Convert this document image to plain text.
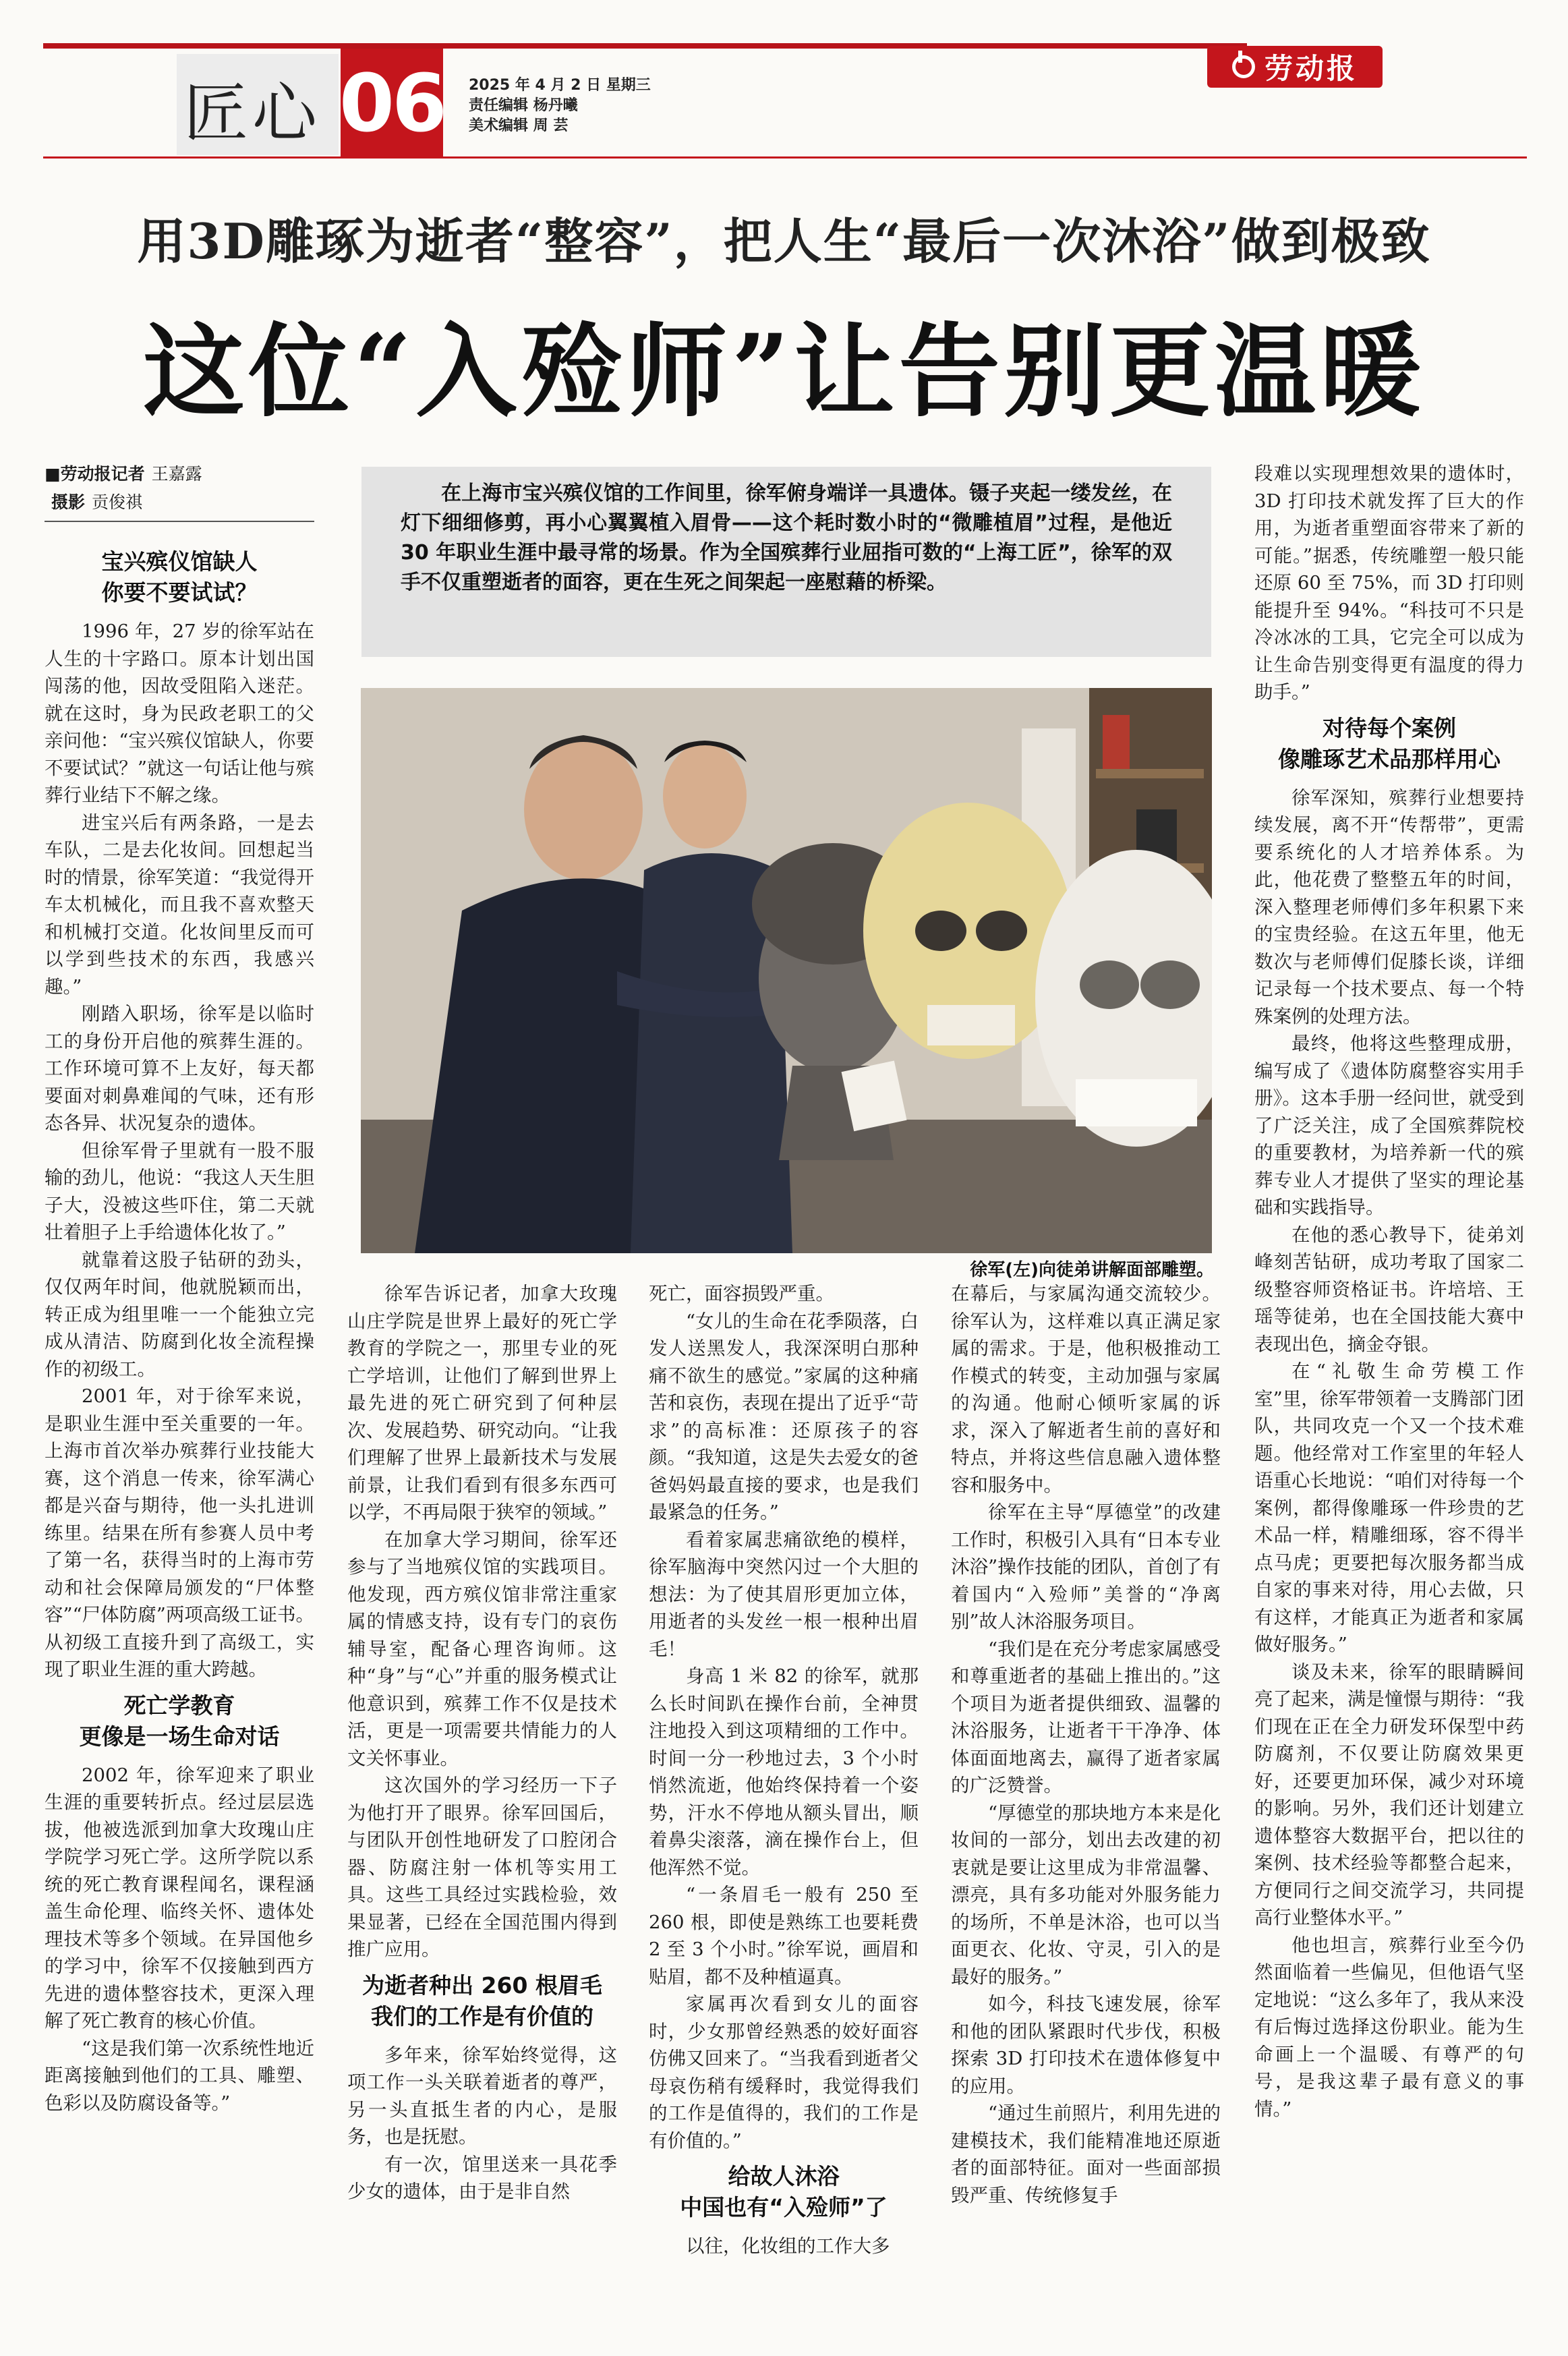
匠心 06 2025 年 4 月 2 日 星期三
责任编辑 杨丹曦
美术编辑 周 芸
劳动报
用3D雕琢为逝者“整容”，把人生“最后一次沐浴”做到极致
这位“入殓师”让告别更温暖
■劳动报记者 王嘉露
摄影 贡俊祺	在上海市宝兴殡仪馆的工作间里，徐军俯身端详一具遗体。镊子夹起一缕发丝，在灯下细细修剪，再小心翼翼植入眉骨——这个耗时数小时的“微雕植眉”过程，是他近 30 年职业生涯中最寻常的场景。作为全国殡葬行业屈指可数的“上海工匠”，徐军的双手不仅重塑逝者的面容，更在生死之间架起一座慰藉的桥梁。

徐军(左)向徒弟讲解面部雕塑。
宝兴殡仪馆缺人
你要不要试试？

1996 年，27 岁的徐军站在人生的十字路口。原本计划出国闯荡的他，因故受阻陷入迷茫。就在这时，身为民政老职工的父亲问他：“宝兴殡仪馆缺人，你要不要试试？”就这一句话让他与殡葬行业结下不解之缘。

进宝兴后有两条路，一是去车队，二是去化妆间。回想起当时的情景，徐军笑道：“我觉得开车太机械化，而且我不喜欢整天和机械打交道。化妆间里反而可以学到些技术的东西，我感兴趣。”

刚踏入职场，徐军是以临时工的身份开启他的殡葬生涯的。工作环境可算不上友好，每天都要面对刺鼻难闻的气味，还有形态各异、状况复杂的遗体。

但徐军骨子里就有一股不服输的劲儿，他说：“我这人天生胆子大，没被这些吓住，第二天就壮着胆子上手给遗体化妆了。”

就靠着这股子钻研的劲头，仅仅两年时间，他就脱颖而出，转正成为组里唯一一个能独立完成从清洁、防腐到化妆全流程操作的初级工。

2001 年，对于徐军来说，是职业生涯中至关重要的一年。上海市首次举办殡葬行业技能大赛，这个消息一传来，徐军满心都是兴奋与期待，他一头扎进训练里。结果在所有参赛人员中考了第一名，获得当时的上海市劳动和社会保障局颁发的“尸体整容”“尸体防腐”两项高级工证书。从初级工直接升到了高级工，实现了职业生涯的重大跨越。

死亡学教育
更像是一场生命对话

2002 年，徐军迎来了职业生涯的重要转折点。经过层层选拔，他被选派到加拿大玫瑰山庄学院学习死亡学。这所学院以系统的死亡教育课程闻名，课程涵盖生命伦理、临终关怀、遗体处理技术等多个领域。在异国他乡的学习中，徐军不仅接触到西方先进的遗体整容技术，更深入理解了死亡教育的核心价值。

“这是我们第一次系统性地近距离接触到他们的工具、雕塑、色彩以及防腐设备等。”

徐军告诉记者，加拿大玫瑰山庄学院是世界上最好的死亡学教育的学院之一，那里专业的死亡学培训，让他们了解到世界上最先进的死亡研究到了何种层次、发展趋势、研究动向。“让我们理解了世界上最新技术与发展前景，让我们看到有很多东西可以学，不再局限于狭窄的领域。”

在加拿大学习期间，徐军还参与了当地殡仪馆的实践项目。他发现，西方殡仪馆非常注重家属的情感支持，设有专门的哀伤辅导室，配备心理咨询师。这种“身”与“心”并重的服务模式让他意识到，殡葬工作不仅是技术活，更是一项需要共情能力的人文关怀事业。

这次国外的学习经历一下子为他打开了眼界。徐军回国后，与团队开创性地研发了口腔闭合器、防腐注射一体机等实用工具。这些工具经过实践检验，效果显著，已经在全国范围内得到推广应用。

为逝者种出 260 根眉毛
我们的工作是有价值的

多年来，徐军始终觉得，这项工作一头关联着逝者的尊严，另一头直抵生者的内心，是服务，也是抚慰。

有一次，馆里送来一具花季少女的遗体，由于是非自然

死亡，面容损毁严重。

“女儿的生命在花季陨落，白发人送黑发人，我深深明白那种痛不欲生的感觉。”家属的这种痛苦和哀伤，表现在提出了近乎“苛求”的高标准：还原孩子的容颜。“我知道，这是失去爱女的爸爸妈妈最直接的要求，也是我们最紧急的任务。”

看着家属悲痛欲绝的模样，徐军脑海中突然闪过一个大胆的想法：为了使其眉形更加立体，用逝者的头发丝一根一根种出眉毛！

身高 1 米 82 的徐军，就那么长时间趴在操作台前，全神贯注地投入到这项精细的工作中。时间一分一秒地过去，3 个小时悄然流逝，他始终保持着一个姿势，汗水不停地从额头冒出，顺着鼻尖滚落，滴在操作台上，但他浑然不觉。

“一条眉毛一般有 250 至 260 根，即使是熟练工也要耗费 2 至 3 个小时。”徐军说，画眉和贴眉，都不及种植逼真。

家属再次看到女儿的面容时，少女那曾经熟悉的姣好面容仿佛又回来了。“当我看到逝者父母哀伤稍有缓释时，我觉得我们的工作是值得的，我们的工作是有价值的。”

给故人沐浴
中国也有“入殓师”了

以往，化妆组的工作大多

在幕后，与家属沟通交流较少。徐军认为，这样难以真正满足家属的需求。于是，他积极推动工作模式的转变，主动加强与家属的沟通。他耐心倾听家属的诉求，深入了解逝者生前的喜好和特点，并将这些信息融入遗体整容和服务中。

徐军在主导“厚德堂”的改建工作时，积极引入具有“日本专业沐浴”操作技能的团队，首创了有着国内“入殓师”美誉的“净离别”故人沐浴服务项目。

“我们是在充分考虑家属感受和尊重逝者的基础上推出的。”这个项目为逝者提供细致、温馨的沐浴服务，让逝者干干净净、体体面面地离去，赢得了逝者家属的广泛赞誉。

“厚德堂的那块地方本来是化妆间的一部分，划出去改建的初衷就是要让这里成为非常温馨、漂亮，具有多功能对外服务能力的场所，不单是沐浴，也可以当面更衣、化妆、守灵，引入的是最好的服务。”

如今，科技飞速发展，徐军和他的团队紧跟时代步伐，积极探索 3D 打印技术在遗体修复中的应用。

“通过生前照片，利用先进的建模技术，我们能精准地还原逝者的面部特征。面对一些面部损毁严重、传统修复手

段难以实现理想效果的遗体时，3D 打印技术就发挥了巨大的作用，为逝者重塑面容带来了新的可能。”据悉，传统雕塑一般只能还原 60 至 75%，而 3D 打印则能提升至 94%。“科技可不只是冷冰冰的工具，它完全可以成为让生命告别变得更有温度的得力助手。”

对待每个案例
像雕琢艺术品那样用心

徐军深知，殡葬行业想要持续发展，离不开“传帮带”，更需要系统化的人才培养体系。为此，他花费了整整五年的时间，深入整理老师傅们多年积累下来的宝贵经验。在这五年里，他无数次与老师傅们促膝长谈，详细记录每一个技术要点、每一个特殊案例的处理方法。

最终，他将这些整理成册，编写成了《遗体防腐整容实用手册》。这本手册一经问世，就受到了广泛关注，成了全国殡葬院校的重要教材，为培养新一代的殡葬专业人才提供了坚实的理论基础和实践指导。

在他的悉心教导下，徒弟刘峰刻苦钻研，成功考取了国家二级整容师资格证书。许培培、王瑶等徒弟，也在全国技能大赛中表现出色，摘金夺银。

在“礼敬生命劳模工作室”里，徐军带领着一支腾部门团队，共同攻克一个又一个技术难题。他经常对工作室里的年轻人语重心长地说：“咱们对待每一个案例，都得像雕琢一件珍贵的艺术品一样，精雕细琢，容不得半点马虎；更要把每次服务都当成自家的事来对待，用心去做，只有这样，才能真正为逝者和家属做好服务。”

谈及未来，徐军的眼睛瞬间亮了起来，满是憧憬与期待：“我们现在正在全力研发环保型中药防腐剂，不仅要让防腐效果更好，还要更加环保，减少对环境的影响。另外，我们还计划建立遗体整容大数据平台，把以往的案例、技术经验等都整合起来，方便同行之间交流学习，共同提高行业整体水平。”

他也坦言，殡葬行业至今仍然面临着一些偏见，但他语气坚定地说：“这么多年了，我从来没有后悔过选择这份职业。能为生命画上一个温暖、有尊严的句号，是我这辈子最有意义的事情。”
